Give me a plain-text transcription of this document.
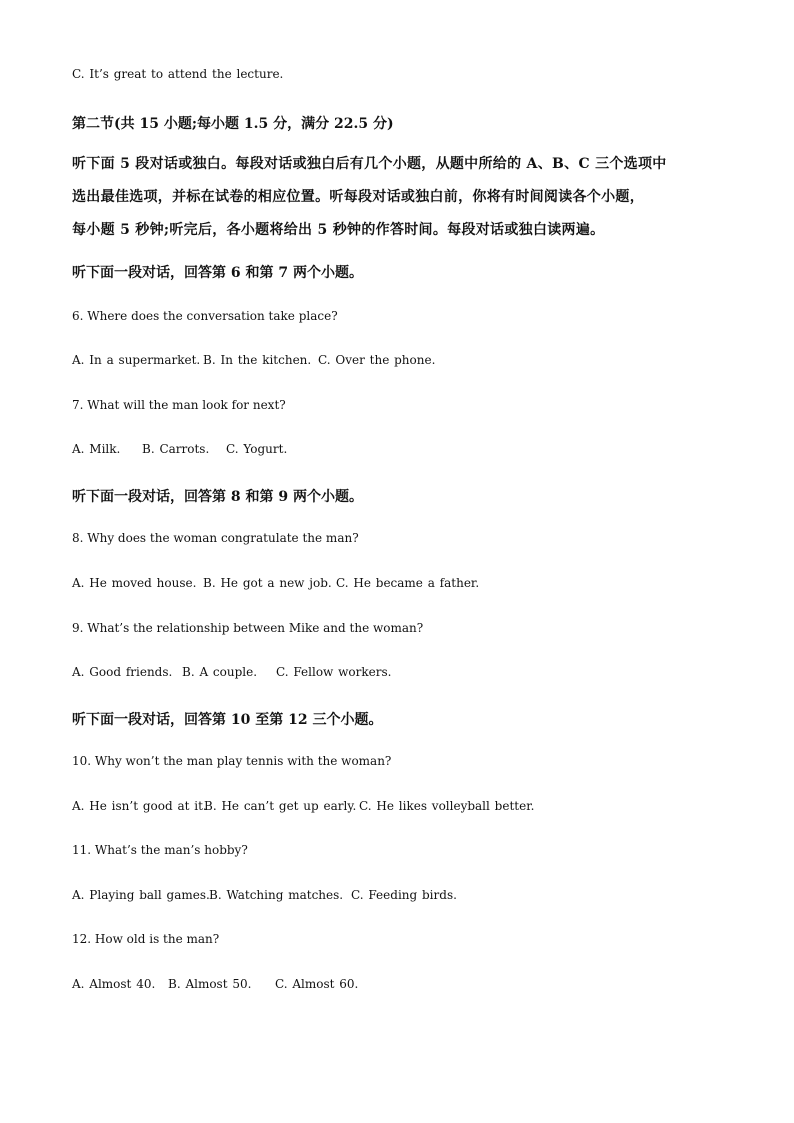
C. It’s great to attend the lecture.
第二节(共 15 小题;每小题 1.5 分，满分 22.5 分)
听下面 5 段对话或独白。每段对话或独白后有几个小题，从题中所给的 A、B、C 三个选项中
选出最佳选项，并标在试卷的相应位置。听每段对话或独白前，你将有时间阅读各个小题，
每小题 5 秒钟;听完后，各小题将给出 5 秒钟的作答时间。每段对话或独白读两遍。
听下面一段对话，回答第 6 和第 7 两个小题。
6. Where does the conversation take place?
A. In a supermarket. B. In the kitchen. C. Over the phone.
7. What will the man look for next?
A. Milk. B. Carrots. C. Yogurt.
听下面一段对话，回答第 8 和第 9 两个小题。
8. Why does the woman congratulate the man?
A. He moved house. B. He got a new job. C. He became a father.
9. What’s the relationship between Mike and the woman?
A. Good friends. B. A couple. C. Fellow workers.
听下面一段对话，回答第 10 至第 12 三个小题。
10. Why won’t the man play tennis with the woman?
A. He isn’t good at it.B. He can’t get up early. C. He likes volleyball better.
11. What’s the man’s hobby?
A. Playing ball games.B. Watching matches. C. Feeding birds.
12. How old is the man?
A. Almost 40. B. Almost 50. C. Almost 60.
